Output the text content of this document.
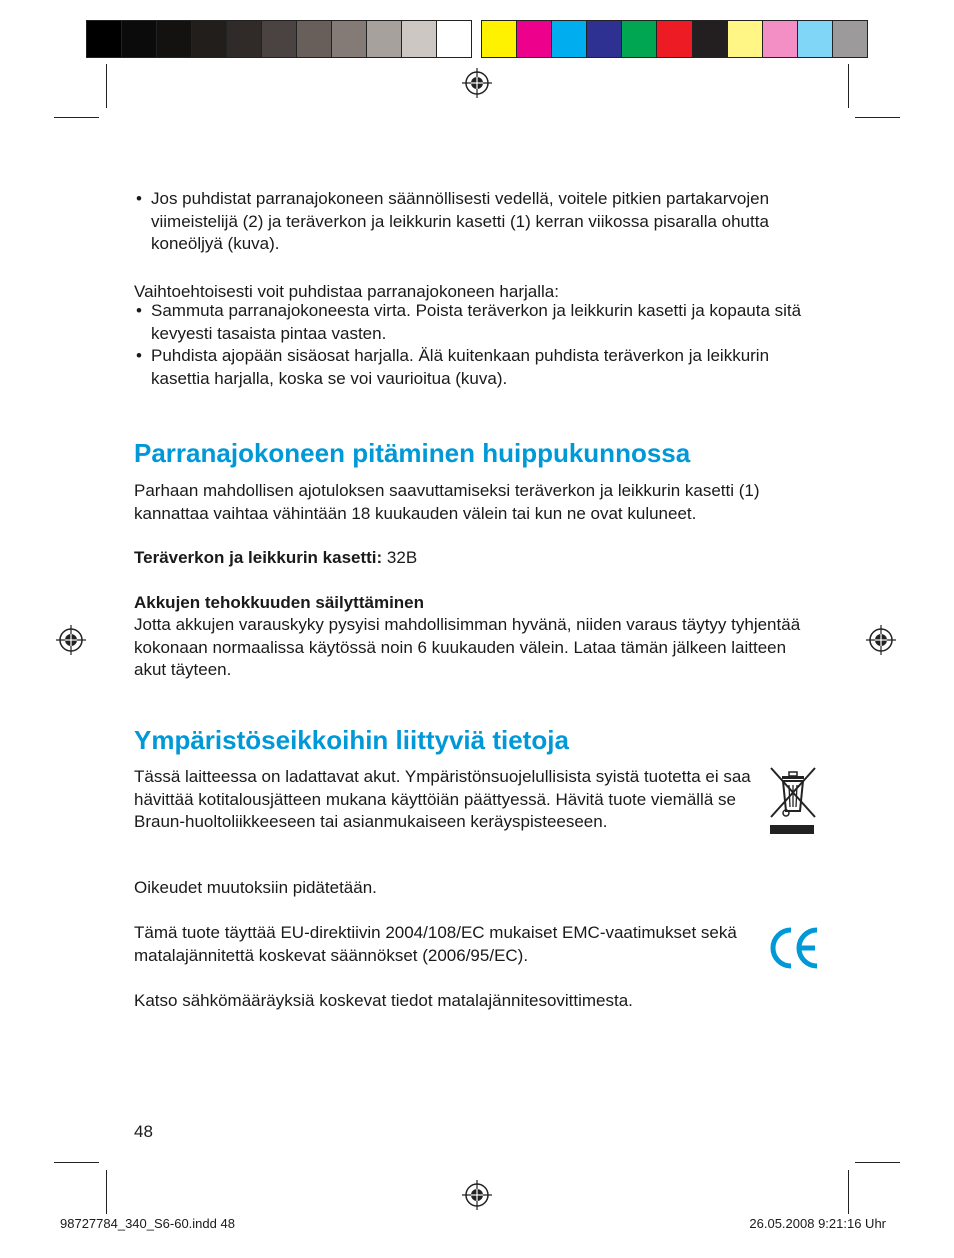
• Jos puhdistat parranajokoneen säännöllisesti vedellä, voitele pitkien partakarvojen viimeistelijä (2) ja teräverkon ja leikkurin kasetti (1) kerran viikossa pisaralla ohutta koneöljyä (kuva).
Vaihtoehtoisesti voit puhdistaa parranajokoneen harjalla:
• Sammuta parranajokoneesta virta. Poista teräverkon ja leikkurin kasetti ja kopauta sitä kevyesti tasaista pintaa vasten.
• Puhdista ajopään sisäosat harjalla. Älä kuitenkaan puhdista teräverkon ja leikkurin kasettia harjalla, koska se voi vaurioitua (kuva).
Parranajokoneen pitäminen huippukunnossa
Parhaan mahdollisen ajotuloksen saavuttamiseksi teräverkon ja leikkurin kasetti (1) kannattaa vaihtaa vähintään 18 kuukauden välein tai kun ne ovat kuluneet.
Teräverkon ja leikkurin kasetti: 32B
Akkujen tehokkuuden säilyttäminen
Jotta akkujen varauskyky pysyisi mahdollisimman hyvänä, niiden varaus täytyy tyhjentää kokonaan normaalissa käytössä noin 6 kuukauden välein. Lataa tämän jälkeen laitteen akut täyteen.
Ympäristöseikkoihin liittyviä tietoja
Tässä laitteessa on ladattavat akut. Ympäristönsuojelullisista syistä tuotetta ei saa hävittää kotitalousjätteen mukana käyttöiän päättyessä. Hävitä tuote viemällä se Braun-huoltoliikkeeseen tai asianmukaiseen keräyspisteeseen.
Oikeudet muutoksiin pidätetään.
Tämä tuote täyttää EU-direktiivin 2004/108/EC mukaiset EMC-vaatimukset sekä matalajännitettä koskevat säännökset (2006/95/EC).
Katso sähkömääräyksiä koskevat tiedot matalajännitesovittimesta.
48
98727784_340_S6-60.indd 48	26.05.2008 9:21:16 Uhr
